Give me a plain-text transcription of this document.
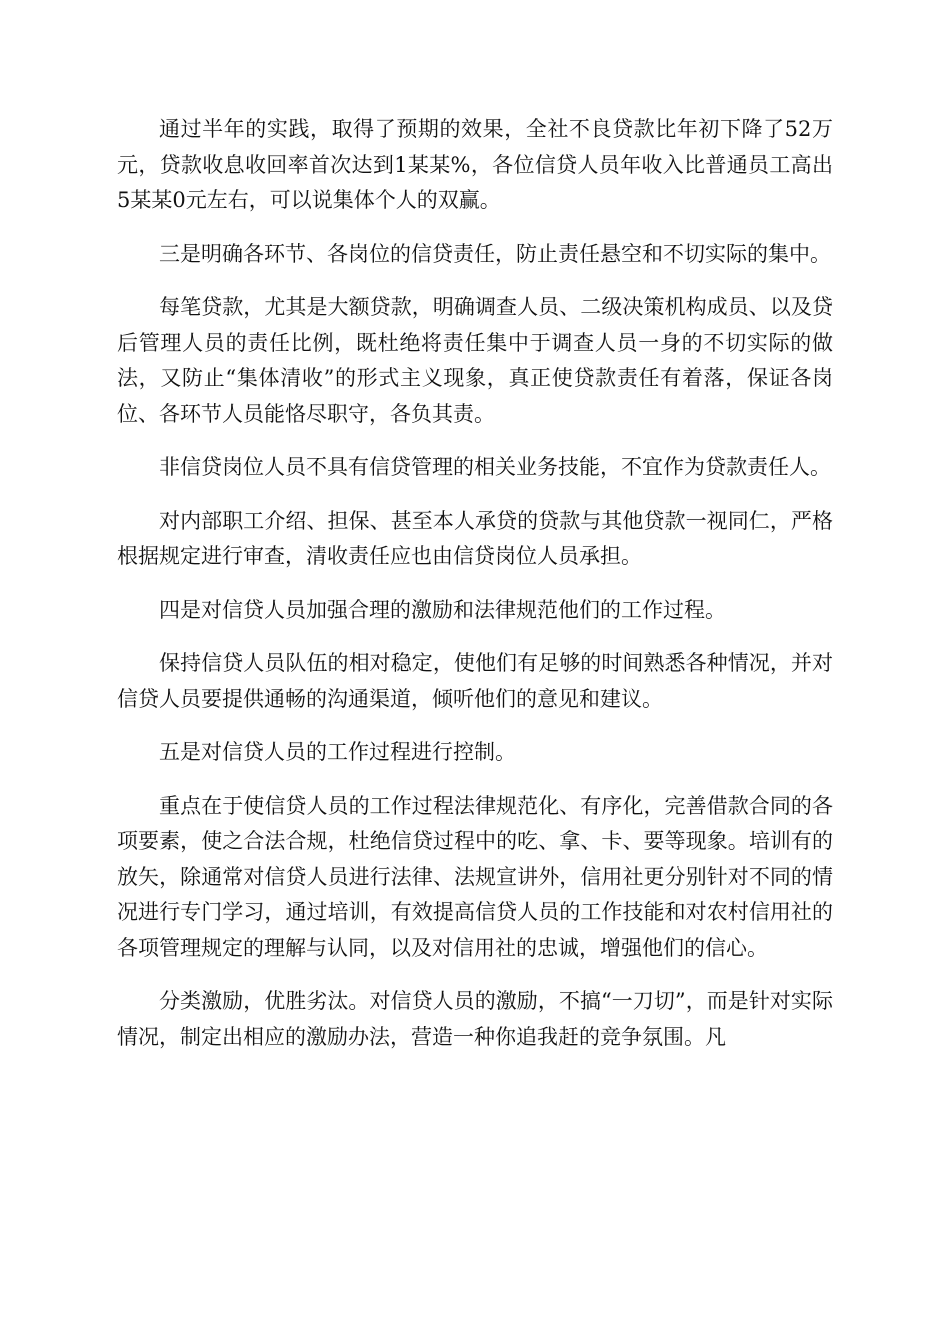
通过半年的实践，取得了预期的效果，全社不良贷款比年初下降了52万元，贷款收息收回率首次达到1某某%，各位信贷人员年收入比普通员工高出5某某0元左右，可以说集体个人的双赢。

三是明确各环节、各岗位的信贷责任，防止责任悬空和不切实际的集中。

每笔贷款，尤其是大额贷款，明确调查人员、二级决策机构成员、以及贷后管理人员的责任比例，既杜绝将责任集中于调查人员一身的不切实际的做法，又防止“集体清收”的形式主义现象，真正使贷款责任有着落，保证各岗位、各环节人员能恪尽职守，各负其责。

非信贷岗位人员不具有信贷管理的相关业务技能，不宜作为贷款责任人。

对内部职工介绍、担保、甚至本人承贷的贷款与其他贷款一视同仁，严格根据规定进行审查，清收责任应也由信贷岗位人员承担。

四是对信贷人员加强合理的激励和法律规范他们的工作过程。

保持信贷人员队伍的相对稳定，使他们有足够的时间熟悉各种情况，并对信贷人员要提供通畅的沟通渠道，倾听他们的意见和建议。

五是对信贷人员的工作过程进行控制。

重点在于使信贷人员的工作过程法律规范化、有序化，完善借款合同的各项要素，使之合法合规，杜绝信贷过程中的吃、拿、卡、要等现象。培训有的放矢，除通常对信贷人员进行法律、法规宣讲外，信用社更分别针对不同的情况进行专门学习，通过培训，有效提高信贷人员的工作技能和对农村信用社的各项管理规定的理解与认同，以及对信用社的忠诚，增强他们的信心。

分类激励，优胜劣汰。对信贷人员的激励，不搞“一刀切”，而是针对实际情况，制定出相应的激励办法，营造一种你追我赶的竞争氛围。凡
